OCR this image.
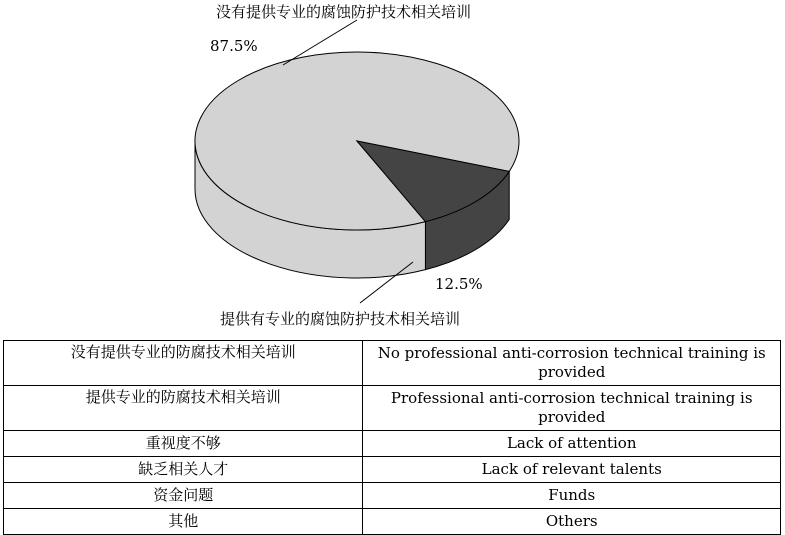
没有提供专业的腐蚀防护技术相关培训
87.5%
12.5%
提供有专业的腐蚀防护技术相关培训
没有提供专业的防腐技术相关培训	No professional anti-corrosion technical training is provided
提供专业的防腐技术相关培训	Professional anti-corrosion technical training is provided
重视度不够	Lack of attention
缺乏相关人才	Lack of relevant talents
资金问题	Funds
其他	Others
